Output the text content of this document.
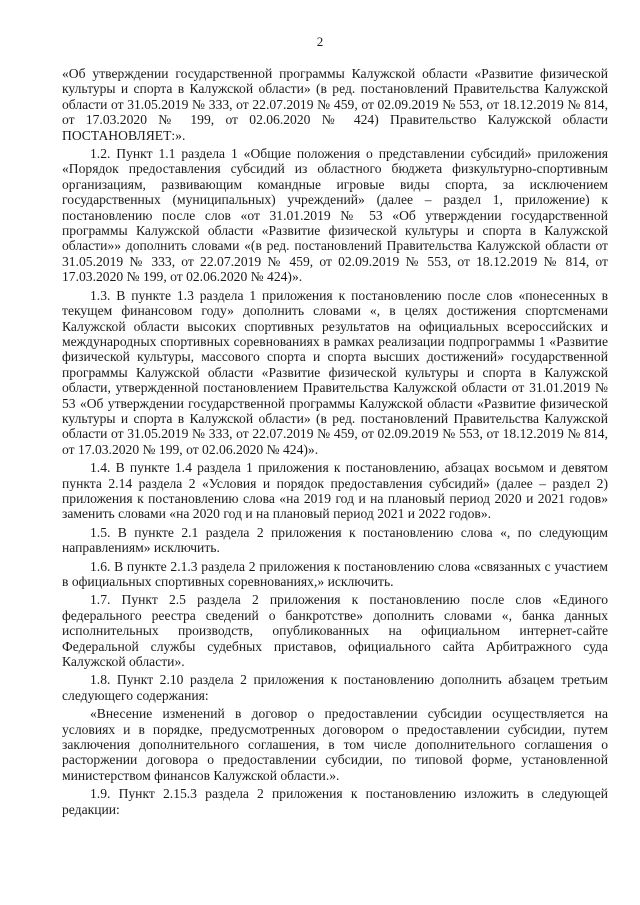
2

«Об утверждении государственной программы Калужской области «Развитие физической культуры и спорта в Калужской области» (в ред. постановлений Правительства Калужской области от 31.05.2019 № 333, от 22.07.2019 № 459, от 02.09.2019 № 553, от 18.12.2019 № 814, от 17.03.2020 № 199, от 02.06.2020 № 424) Правительство Калужской области ПОСТАНОВЛЯЕТ:».

1.2. Пункт 1.1 раздела 1 «Общие положения о представлении субсидий» приложения «Порядок предоставления субсидий из областного бюджета физкультурно-спортивным организациям, развивающим командные игровые виды спорта, за исключением государственных (муниципальных) учреждений» (далее – раздел 1, приложение) к постановлению после слов «от 31.01.2019 № 53 «Об утверждении государственной программы Калужской области «Развитие физической культуры и спорта в Калужской области»» дополнить словами «(в ред. постановлений Правительства Калужской области от 31.05.2019 № 333, от 22.07.2019 № 459, от 02.09.2019 № 553, от 18.12.2019 № 814, от 17.03.2020 № 199, от 02.06.2020 № 424)».

1.3. В пункте 1.3 раздела 1 приложения к постановлению после слов «понесенных в текущем финансовом году» дополнить словами «, в целях достижения спортсменами Калужской области высоких спортивных результатов на официальных всероссийских и международных спортивных соревнованиях в рамках реализации подпрограммы 1 «Развитие физической культуры, массового спорта и спорта высших достижений» государственной программы Калужской области «Развитие физической культуры и спорта в Калужской области, утвержденной постановлением Правительства Калужской области от 31.01.2019 № 53 «Об утверждении государственной программы Калужской области «Развитие физической культуры и спорта в Калужской области» (в ред. постановлений Правительства Калужской области от 31.05.2019 № 333, от 22.07.2019 № 459, от 02.09.2019 № 553, от 18.12.2019 № 814, от 17.03.2020 № 199, от 02.06.2020 № 424)».

1.4. В пункте 1.4 раздела 1 приложения к постановлению, абзацах восьмом и девятом пункта 2.14 раздела 2 «Условия и порядок предоставления субсидий» (далее – раздел 2) приложения к постановлению слова «на 2019 год и на плановый период 2020 и 2021 годов» заменить словами «на 2020 год и на плановый период 2021 и 2022 годов».

1.5. В пункте 2.1 раздела 2 приложения к постановлению слова «, по следующим направлениям» исключить.

1.6. В пункте 2.1.3 раздела 2 приложения к постановлению слова «связанных с участием в официальных спортивных соревнованиях,» исключить.

1.7. Пункт 2.5 раздела 2 приложения к постановлению после слов «Единого федерального реестра сведений о банкротстве» дополнить словами «, банка данных исполнительных производств, опубликованных на официальном интернет-сайте Федеральной службы судебных приставов, официального сайта Арбитражного суда Калужской области».

1.8. Пункт 2.10 раздела 2 приложения к постановлению дополнить абзацем третьим следующего содержания:

«Внесение изменений в договор о предоставлении субсидии осуществляется на условиях и в порядке, предусмотренных договором о предоставлении субсидии, путем заключения дополнительного соглашения, в том числе дополнительного соглашения о расторжении договора о предоставлении субсидии, по типовой форме, установленной министерством финансов Калужской области.».

1.9. Пункт 2.15.3 раздела 2 приложения к постановлению изложить в следующей редакции:
